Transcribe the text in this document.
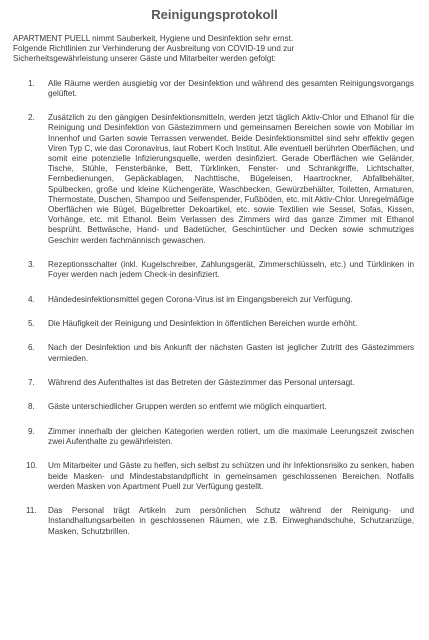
Reinigungsprotokoll
APARTMENT PUELL nimmt Sauberkeit, Hygiene und Desinfektion sehr ernst.
Folgende Richtlinien zur Verhinderung der Ausbreitung von COVID-19 und zur
Sicherheitsgewährleistung unserer Gäste und Mitarbeiter werden gefolgt:
1. Alle Räume werden ausgiebig vor der Desinfektion und während des gesamten Reinigungsvorgangs gelüftet.
2. Zusätzlich zu den gängigen Desinfektionsmitteln, werden jetzt täglich Aktiv-Chlor und Ethanol für die Reinigung und Desinfektion von Gästezimmern und gemeinsamen Bereichen sowie von Mobiliar im Innenhof und Garten sowie Terrassen verwendet. Beide Desinfektionsmittel sind sehr effektiv gegen Viren Typ C, wie das Coronavirus, laut Robert Koch Institut. Alle eventuell berührten Oberflächen, und somit eine potenzielle Infizierungsquelle, werden desinfiziert. Gerade Oberflächen wie Geländer, Tische, Stühle, Fensterbänke, Bett, Türklinken, Fenster- und Schrankgriffe, Lichtschalter, Fernbedienungen, Gepäckablagen, Nachttische, Bügeleisen, Haartrockner, Abfallbehälter, Spülbecken, große und kleine Küchengeräte, Waschbecken, Gewürzbehälter, Toiletten, Armaturen, Thermostate, Duschen, Shampoo und Seifenspender, Fußböden, etc. mit Aktiv-Chlor. Unregelmäßige Oberflächen wie Bügel, Bügelbretter Dekoartikel, etc. sowie Textilien wie Sessel, Sofas, Kissen, Vorhänge, etc. mit Ethanol. Beim Verlassen des Zimmers wird das ganze Zimmer mit Ethanol besprüht. Bettwäsche, Hand- und Badetücher, Geschirrtücher und Decken sowie schmutziges Geschirr werden fachmännisch gewaschen.
3. Rezeptionsschalter (inkl. Kugelschreiber, Zahlungsgerät, Zimmerschlüsseln, etc.) und Türklinken in Foyer werden nach jedem Check-in desinfiziert.
4. Händedesinfektionsmittel gegen Corona-Virus ist im Eingangsbereich zur Verfügung.
5. Die Häufigkeit der Reinigung und Desinfektion in öffentlichen Bereichen wurde erhöht.
6. Nach der Desinfektion und bis Ankunft der nächsten Gasten ist jeglicher Zutritt des Gästezimmers vermieden.
7. Während des Aufenthaltes ist das Betreten der Gästezimmer das Personal untersagt.
8. Gäste unterschiedlicher Gruppen werden so entfernt wie möglich einquartiert.
9. Zimmer innerhalb der gleichen Kategorien werden rotiert, um die maximale Leerungszeit zwischen zwei Aufenthalte zu gewährleisten.
10. Um Mitarbeiter und Gäste zu helfen, sich selbst zu schützen und ihr Infektionsrisiko zu senken, haben beide Masken- und Mindestabstandpflicht in gemeinsamen geschlossenen Bereichen. Notfalls werden Masken von Apartment Puell zur Verfügung gestellt.
11. Das Personal trägt Artikeln zum persönlichen Schutz während der Reinigung- und Instandhaltungsarbeiten in geschlossenen Räumen, wie z.B. Einweghandschuhe, Schutzanzüge, Masken, Schutzbrillen.
